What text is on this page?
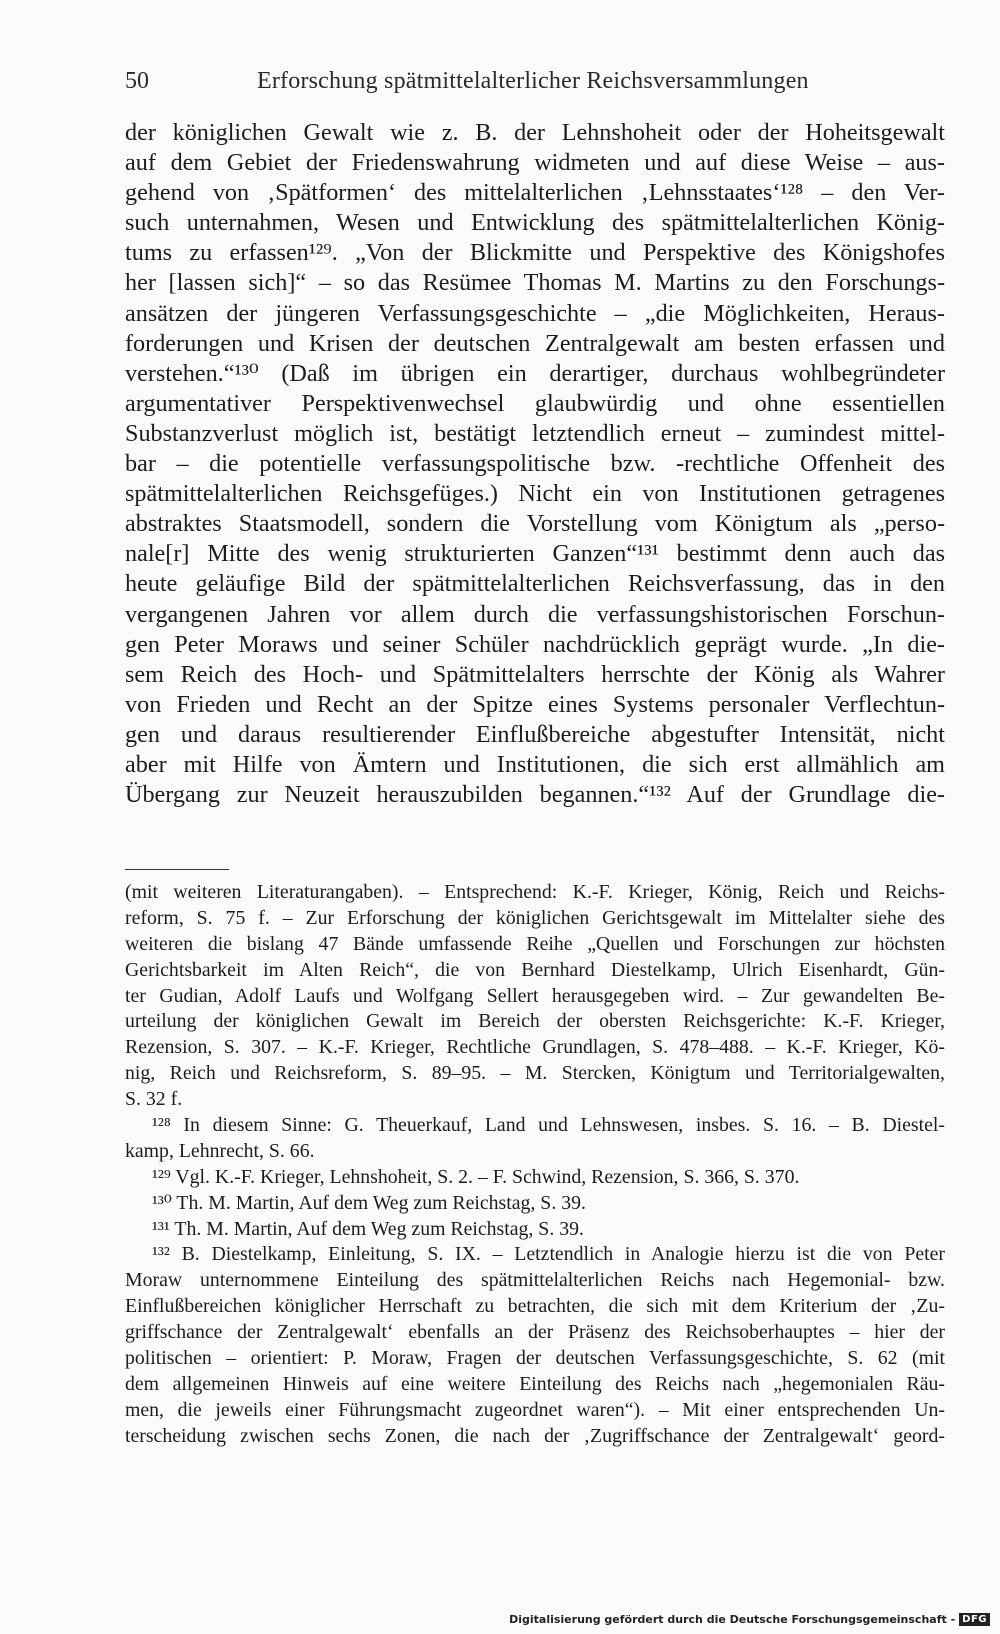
50	Erforschung spätmittelalterlicher Reichsversammlungen
der königlichen Gewalt wie z. B. der Lehnshoheit oder der Hoheitsgewalt
auf dem Gebiet der Friedenswahrung widmeten und auf diese Weise – aus-
gehend von ‚Spätformen‘ des mittelalterlichen ‚Lehnsstaates‘¹²⁸ – den Ver-
such unternahmen, Wesen und Entwicklung des spätmittelalterlichen König-
tums zu erfassen¹²⁹. „Von der Blickmitte und Perspektive des Königshofes
her [lassen sich]“ – so das Resümee Thomas M. Martins zu den Forschungs-
ansätzen der jüngeren Verfassungsgeschichte – „die Möglichkeiten, Heraus-
forderungen und Krisen der deutschen Zentralgewalt am besten erfassen und
verstehen.“¹³⁰ (Daß im übrigen ein derartiger, durchaus wohlbegründeter
argumentativer Perspektivenwechsel glaubwürdig und ohne essentiellen
Substanzverlust möglich ist, bestätigt letztendlich erneut – zumindest mittel-
bar – die potentielle verfassungspolitische bzw. -rechtliche Offenheit des
spätmittelalterlichen Reichsgefüges.) Nicht ein von Institutionen getragenes
abstraktes Staatsmodell, sondern die Vorstellung vom Königtum als „perso-
nale[r] Mitte des wenig strukturierten Ganzen“¹³¹ bestimmt denn auch das
heute geläufige Bild der spätmittelalterlichen Reichsverfassung, das in den
vergangenen Jahren vor allem durch die verfassungshistorischen Forschun-
gen Peter Moraws und seiner Schüler nachdrücklich geprägt wurde. „In die-
sem Reich des Hoch- und Spätmittelalters herrschte der König als Wahrer
von Frieden und Recht an der Spitze eines Systems personaler Verflechtun-
gen und daraus resultierender Einflußbereiche abgestufter Intensität, nicht
aber mit Hilfe von Ämtern und Institutionen, die sich erst allmählich am
Übergang zur Neuzeit herauszubilden begannen.“¹³² Auf der Grundlage die-
(mit weiteren Literaturangaben). – Entsprechend: K.-F. Krieger, König, Reich und Reichs-
reform, S. 75 f. – Zur Erforschung der königlichen Gerichtsgewalt im Mittelalter siehe des
weiteren die bislang 47 Bände umfassende Reihe „Quellen und Forschungen zur höchsten
Gerichtsbarkeit im Alten Reich“, die von Bernhard Diestelkamp, Ulrich Eisenhardt, Gün-
ter Gudian, Adolf Laufs und Wolfgang Sellert herausgegeben wird. – Zur gewandelten Be-
urteilung der königlichen Gewalt im Bereich der obersten Reichsgerichte: K.-F. Krieger,
Rezension, S. 307. – K.-F. Krieger, Rechtliche Grundlagen, S. 478–488. – K.-F. Krieger, Kö-
nig, Reich und Reichsreform, S. 89–95. – M. Stercken, Königtum und Territorialgewalten,
S. 32 f.
¹²⁸ In diesem Sinne: G. Theuerkauf, Land und Lehnswesen, insbes. S. 16. – B. Diestel-
kamp, Lehnrecht, S. 66.
¹²⁹ Vgl. K.-F. Krieger, Lehnshoheit, S. 2. – F. Schwind, Rezension, S. 366, S. 370.
¹³⁰ Th. M. Martin, Auf dem Weg zum Reichstag, S. 39.
¹³¹ Th. M. Martin, Auf dem Weg zum Reichstag, S. 39.
¹³² B. Diestelkamp, Einleitung, S. IX. – Letztendlich in Analogie hierzu ist die von Peter
Moraw unternommene Einteilung des spätmittelalterlichen Reichs nach Hegemonial- bzw.
Einflußbereichen königlicher Herrschaft zu betrachten, die sich mit dem Kriterium der ‚Zu-
griffschance der Zentralgewalt‘ ebenfalls an der Präsenz des Reichsoberhauptes – hier der
politischen – orientiert: P. Moraw, Fragen der deutschen Verfassungsgeschichte, S. 62 (mit
dem allgemeinen Hinweis auf eine weitere Einteilung des Reichs nach „hegemonialen Räu-
men, die jeweils einer Führungsmacht zugeordnet waren“). – Mit einer entsprechenden Un-
terscheidung zwischen sechs Zonen, die nach der ‚Zugriffschance der Zentralgewalt‘ geord-
Digitalisierung gefördert durch die Deutsche Forschungsgemeinschaft - DFG
